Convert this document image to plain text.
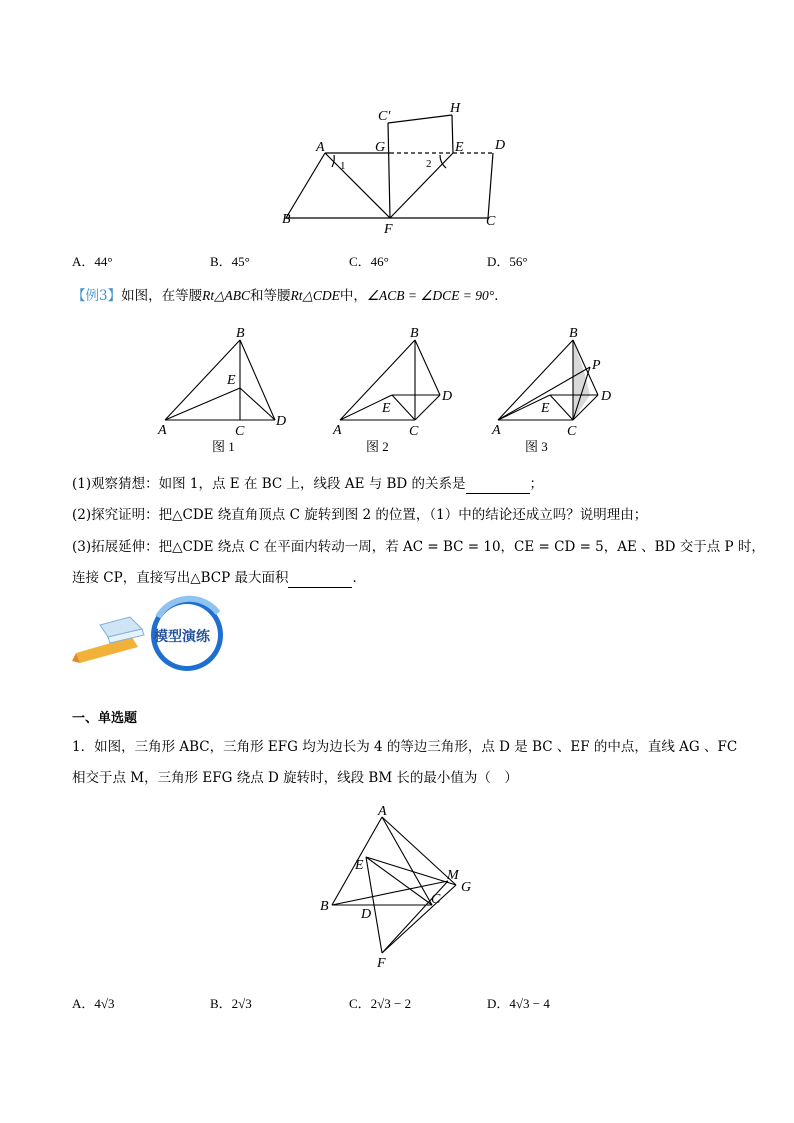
C′
H
A	G	E D
1	2
B
F
C
A．44°	B．45°	C．46°	D．56°
【例3】如图，在等腰Rt△ABC和等腰Rt△CDE中，∠ACB = ∠DCE = 90°．
B
E
A	C
D
图 1
B
D
E
A	C
图 2
B
P
D
E
A	C
图 3
(1)观察猜想：如图 1，点 E 在 BC 上，线段 AE 与 BD 的关系是	；
(2)探究证明：把△CDE 绕直角顶点 C 旋转到图 2 的位置，（1）中的结论还成立吗？说明理由；
(3)拓展延伸：把△CDE 绕点 C 在平面内转动一周，若 AC = BC = 10，CE = CD = 5，AE 、BD 交于点 P 时，
连接 CP，直接写出△BCP 最大面积	．
模型演练
一、单选题
1．如图，三角形 ABC，三角形 EFG 均为边长为 4 的等边三角形，点 D 是 BC 、EF 的中点，直线 AG 、FC
相交于点 M，三角形 EFG 绕点 D 旋转时，线段 BM 长的最小值为（　）
A
E
M
G
B
D
C
F
A．4√3	B．2√3	C．2√3 − 2	D．4√3 − 4
